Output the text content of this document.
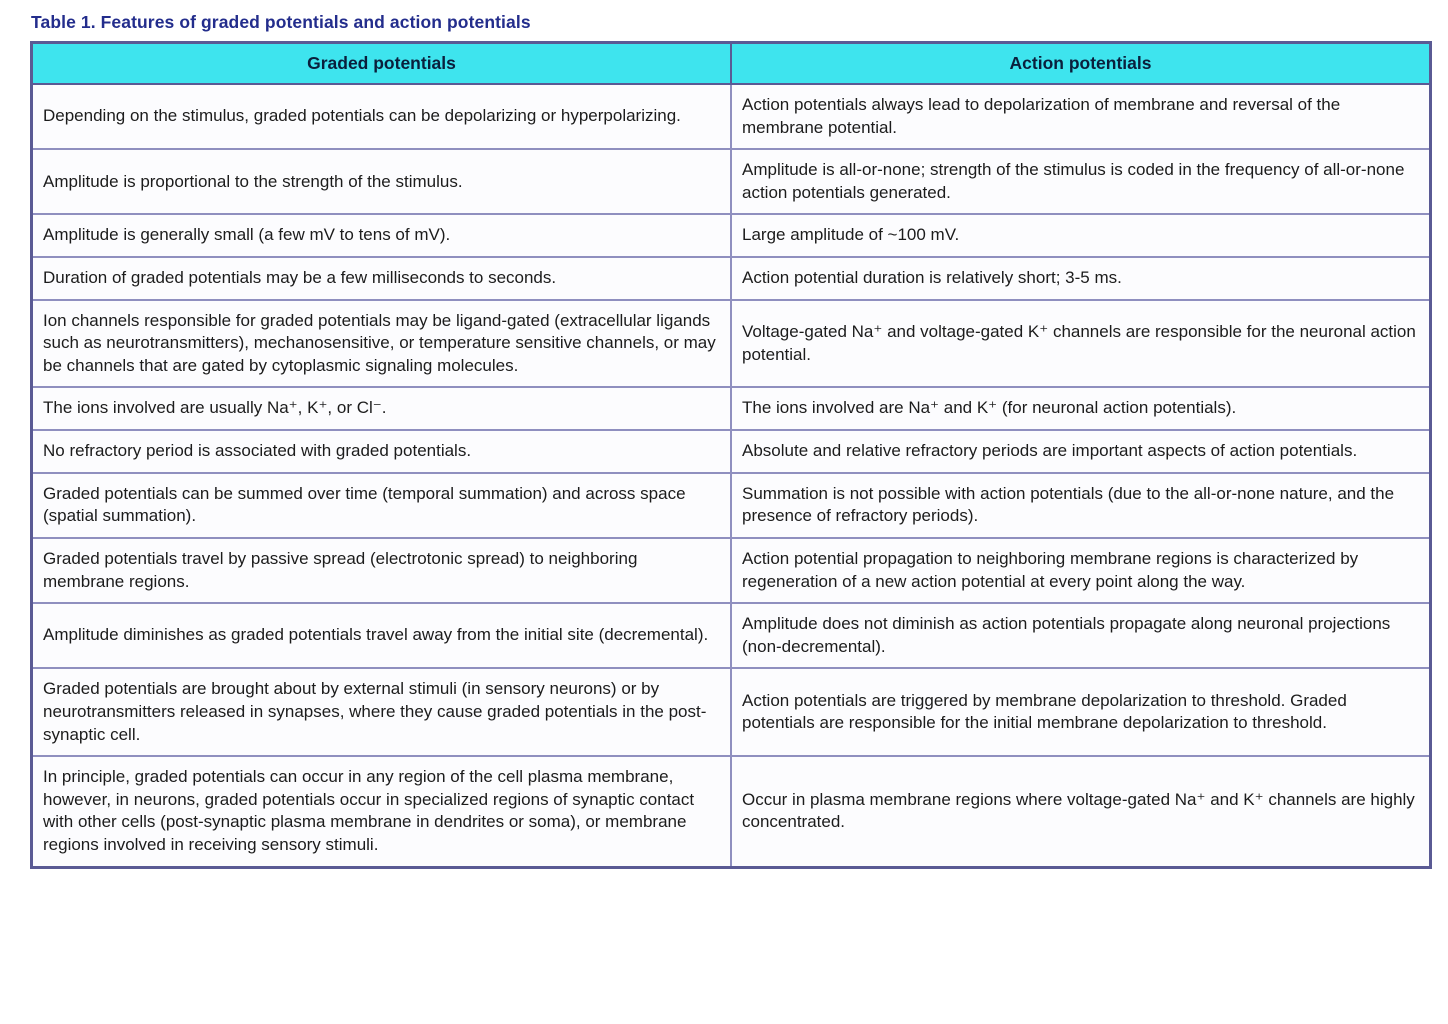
Table 1. Features of graded potentials and action potentials
Graded potentials	Action potentials
Depending on the stimulus, graded potentials can be depolarizing or hyperpolarizing.	Action potentials always lead to depolarization of membrane and reversal of the membrane potential.
Amplitude is proportional to the strength of the stimulus.	Amplitude is all-or-none; strength of the stimulus is coded in the frequency of all-or-none action potentials generated.
Amplitude is generally small (a few mV to tens of mV).	Large amplitude of ~100 mV.
Duration of graded potentials may be a few milliseconds to seconds.	Action potential duration is relatively short; 3-5 ms.
Ion channels responsible for graded potentials may be ligand-gated (extracellular ligands such as neurotransmitters), mechanosensitive, or temperature sensitive channels, or may be channels that are gated by cytoplasmic signaling molecules.	Voltage-gated Na⁺ and voltage-gated K⁺ channels are responsible for the neuronal action potential.
The ions involved are usually Na⁺, K⁺, or Cl⁻.	The ions involved are Na⁺ and K⁺ (for neuronal action potentials).
No refractory period is associated with graded potentials.	Absolute and relative refractory periods are important aspects of action potentials.
Graded potentials can be summed over time (temporal summation) and across space (spatial summation).	Summation is not possible with action potentials (due to the all-or-none nature, and the presence of refractory periods).
Graded potentials travel by passive spread (electrotonic spread) to neighboring membrane regions.	Action potential propagation to neighboring membrane regions is characterized by regeneration of a new action potential at every point along the way.
Amplitude diminishes as graded potentials travel away from the initial site (decremental).	Amplitude does not diminish as action potentials propagate along neuronal projections (non-decremental).
Graded potentials are brought about by external stimuli (in sensory neurons) or by neurotransmitters released in synapses, where they cause graded potentials in the post-synaptic cell.	Action potentials are triggered by membrane depolarization to threshold. Graded potentials are responsible for the initial membrane depolarization to threshold.
In principle, graded potentials can occur in any region of the cell plasma membrane, however, in neurons, graded potentials occur in specialized regions of synaptic contact with other cells (post-synaptic plasma membrane in dendrites or soma), or membrane regions involved in receiving sensory stimuli.	Occur in plasma membrane regions where voltage-gated Na⁺ and K⁺ channels are highly concentrated.
